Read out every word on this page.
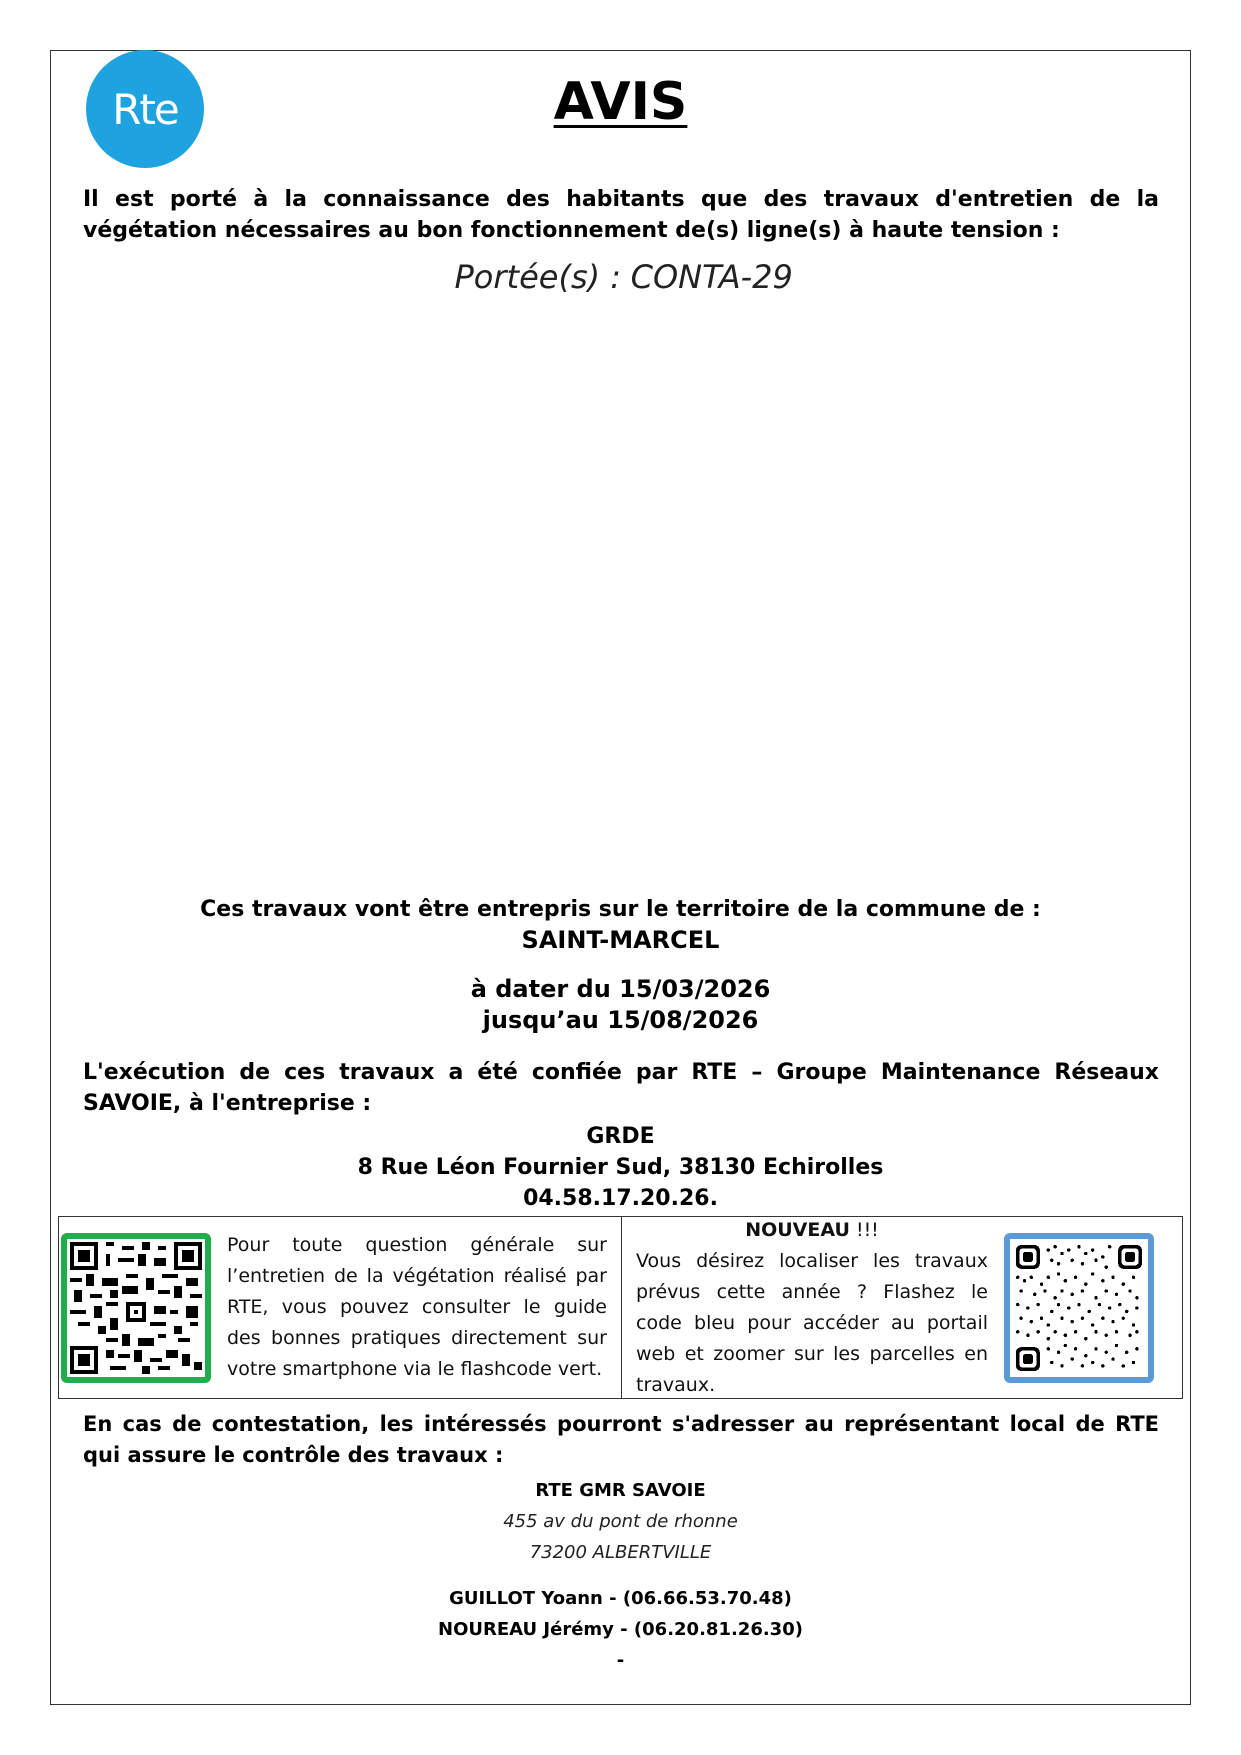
Rte	AVIS
Il est porté à la connaissance des habitants que des travaux d'entretien de la végétation nécessaires au bon fonctionnement de(s) ligne(s) à haute tension :
Portée(s) : CONTA-29
Ces travaux vont être entrepris sur le territoire de la commune de :
SAINT-MARCEL
à dater du 15/03/2026
jusqu’au 15/08/2026
L'exécution de ces travaux a été confiée par RTE – Groupe Maintenance Réseaux SAVOIE, à l'entreprise :
GRDE
8 Rue Léon Fournier Sud, 38130 Echirolles
04.58.17.20.26.
Pour toute question générale sur l’entretien de la végétation réalisé par RTE, vous pouvez consulter le guide des bonnes pratiques directement sur votre smartphone via le flashcode vert.
NOUVEAU !!!
Vous désirez localiser les travaux prévus cette année ? Flashez le code bleu pour accéder au portail web et zoomer sur les parcelles en travaux.
En cas de contestation, les intéressés pourront s'adresser au représentant local de RTE qui assure le contrôle des travaux :
RTE GMR SAVOIE
455 av du pont de rhonne
73200 ALBERTVILLE
GUILLOT Yoann - (06.66.53.70.48)
NOUREAU Jérémy - (06.20.81.26.30)
-
